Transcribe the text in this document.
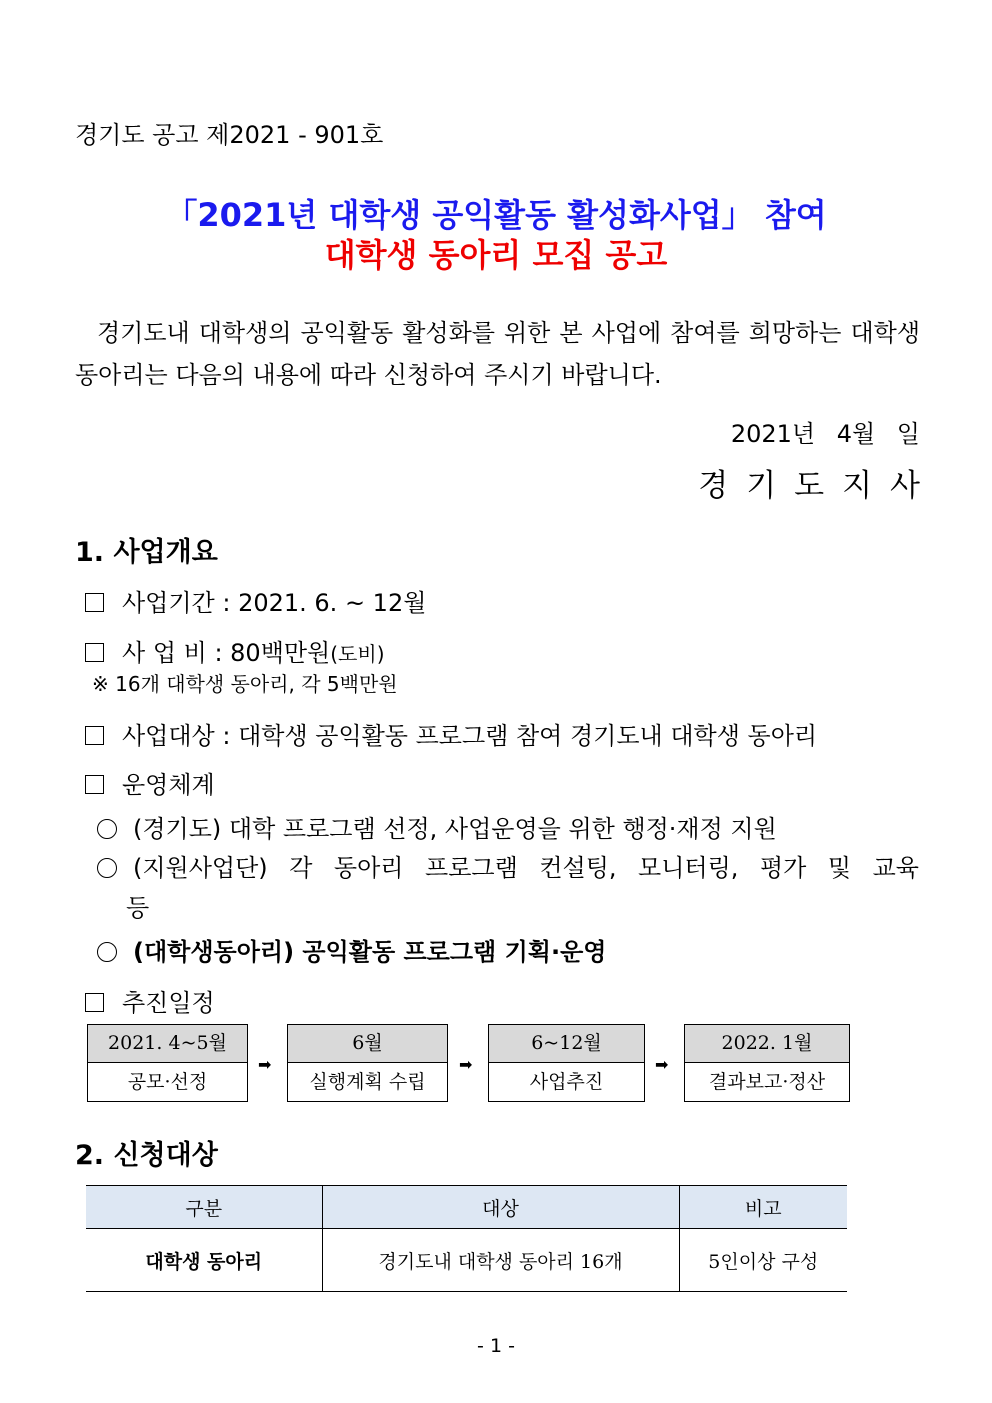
경기도 공고 제2021 - 901호
「2021년 대학생 공익활동 활성화사업」 참여
대학생 동아리 모집 공고
경기도내 대학생의 공익활동 활성화를 위한 본 사업에 참여를 희망하는 대학생 동아리는 다음의 내용에 따라 신청하여 주시기 바랍니다.
2021년 4월 일
경기도지사
1. 사업개요
사업기간 : 2021. 6. ~ 12월
사 업 비 : 80백만원(도비)
※ 16개 대학생 동아리, 각 5백만원
사업대상 : 대학생 공익활동 프로그램 참여 경기도내 대학생 동아리
운영체계
(경기도) 대학 프로그램 선정, 사업운영을 위한 행정·재정 지원
(지원사업단) 각 동아리 프로그램 컨설팅, 모니터링, 평가 및 교육
등
(대학생동아리) 공익활동 프로그램 기획·운영
추진일정
2021. 4~5월
공모·선정
➡
6월
실행계획 수립
➡
6~12월
사업추진
➡
2022. 1월
결과보고·정산
2. 신청대상
구분	대상	비고
대학생 동아리	경기도내 대학생 동아리 16개	5인이상 구성
- 1 -
